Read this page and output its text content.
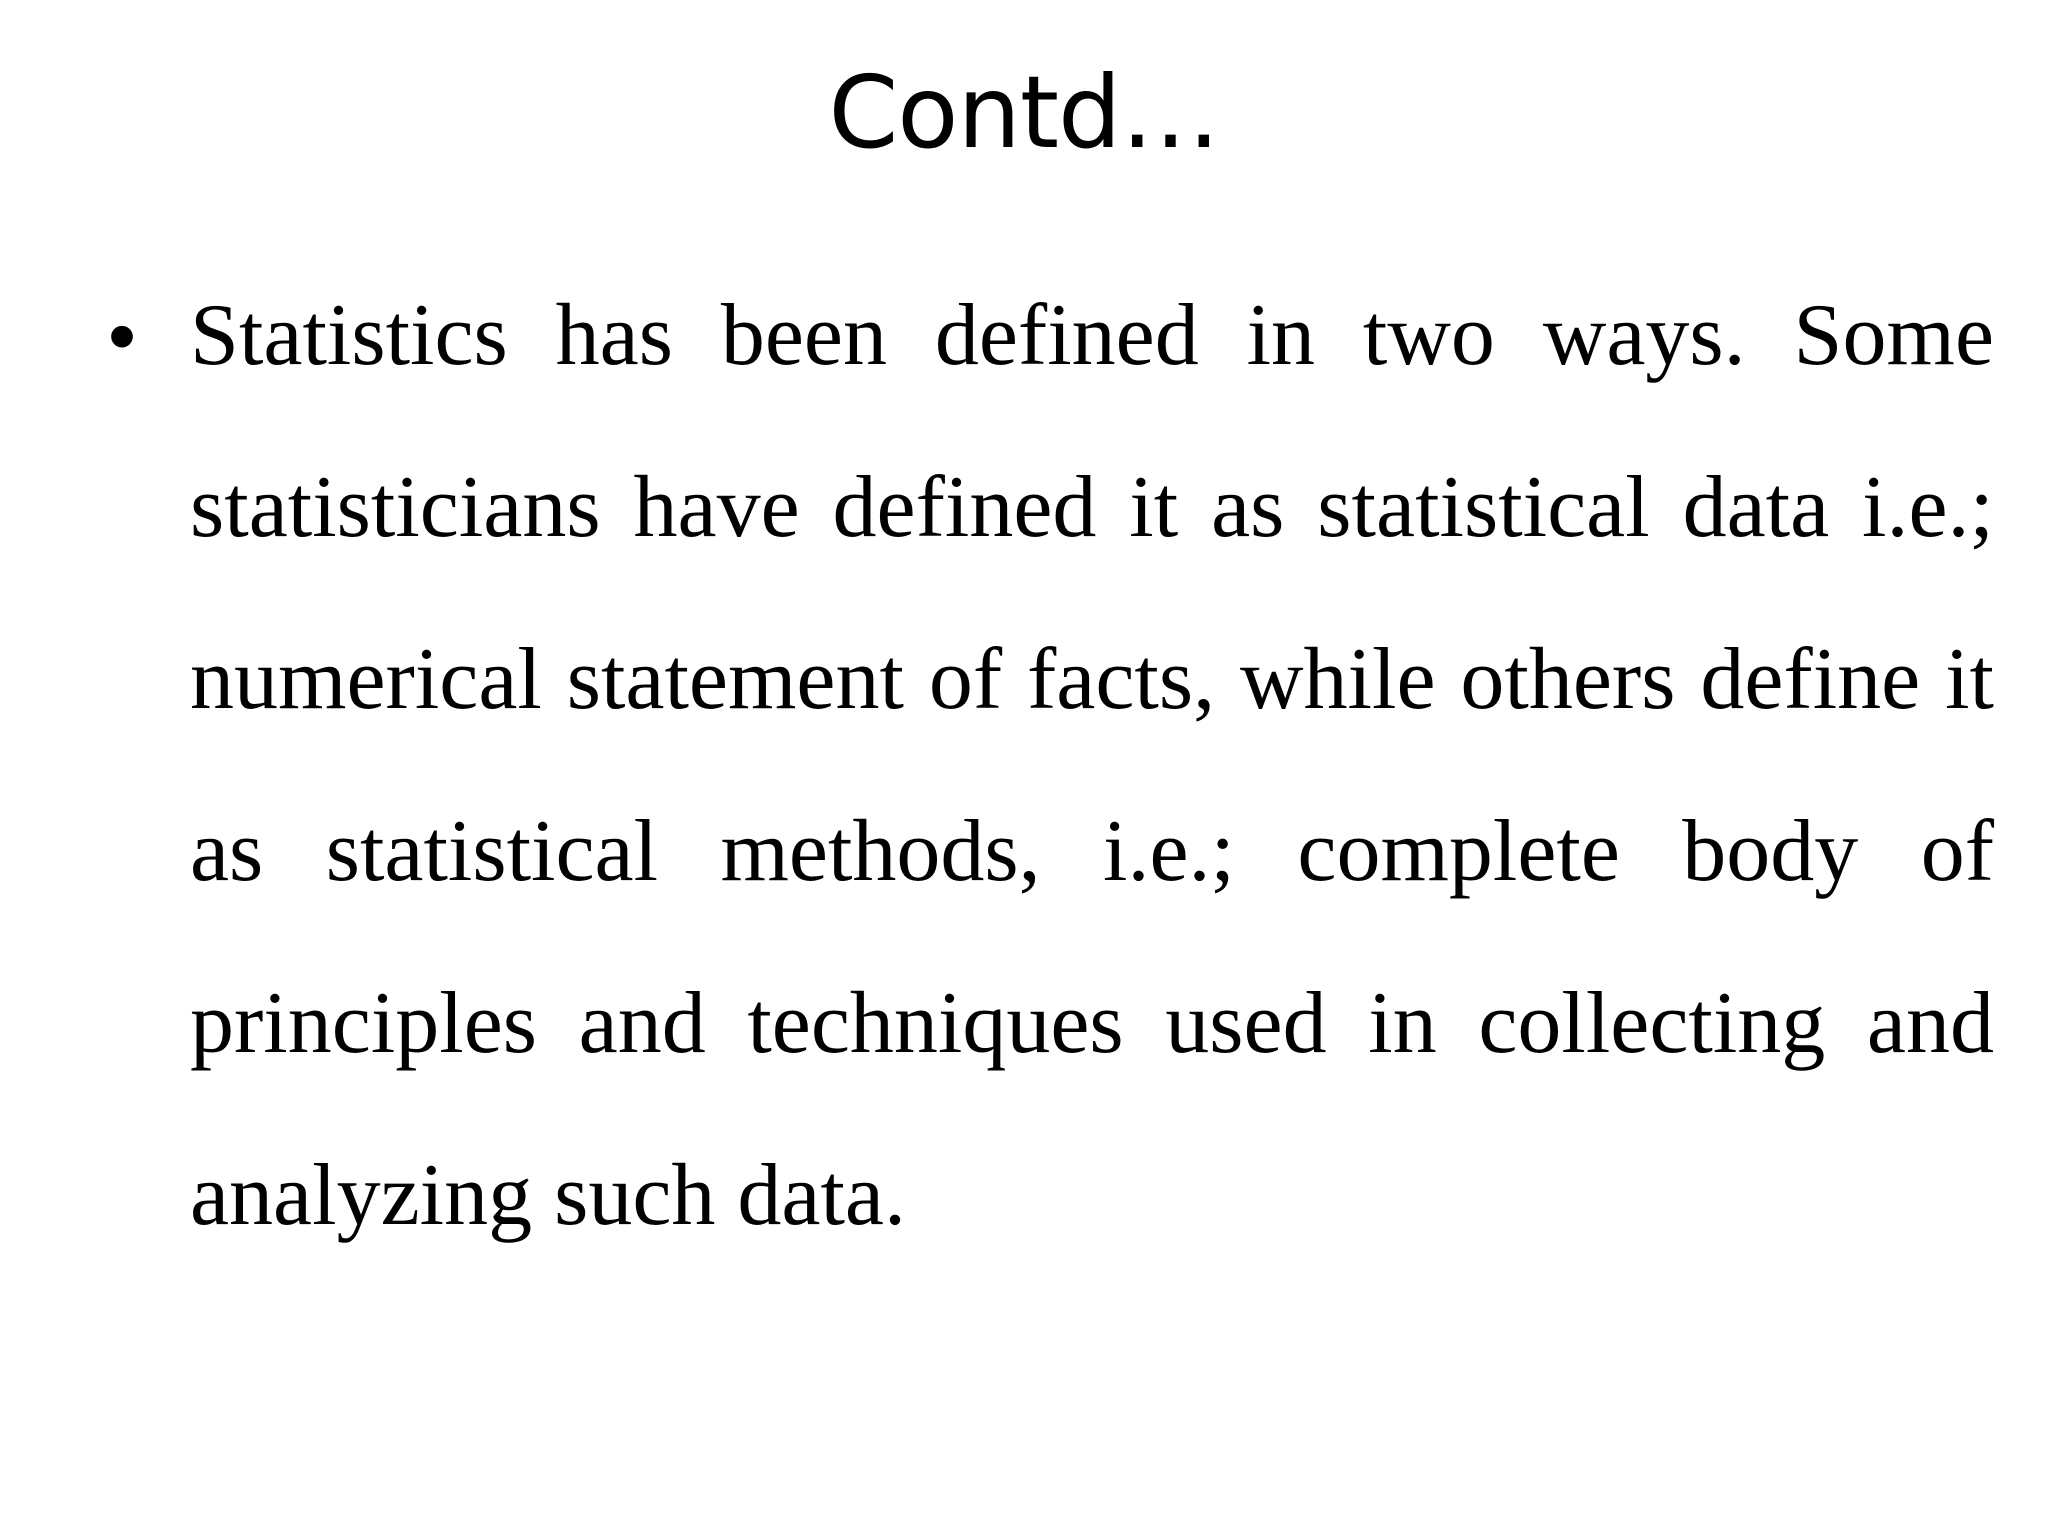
Contd…
• Statistics has been defined in two ways. Some statisticians have defined it as statistical data i.e.; numerical statement of facts, while others define it as statistical methods, i.e.; complete body of principles and techniques used in collecting and analyzing such data.
